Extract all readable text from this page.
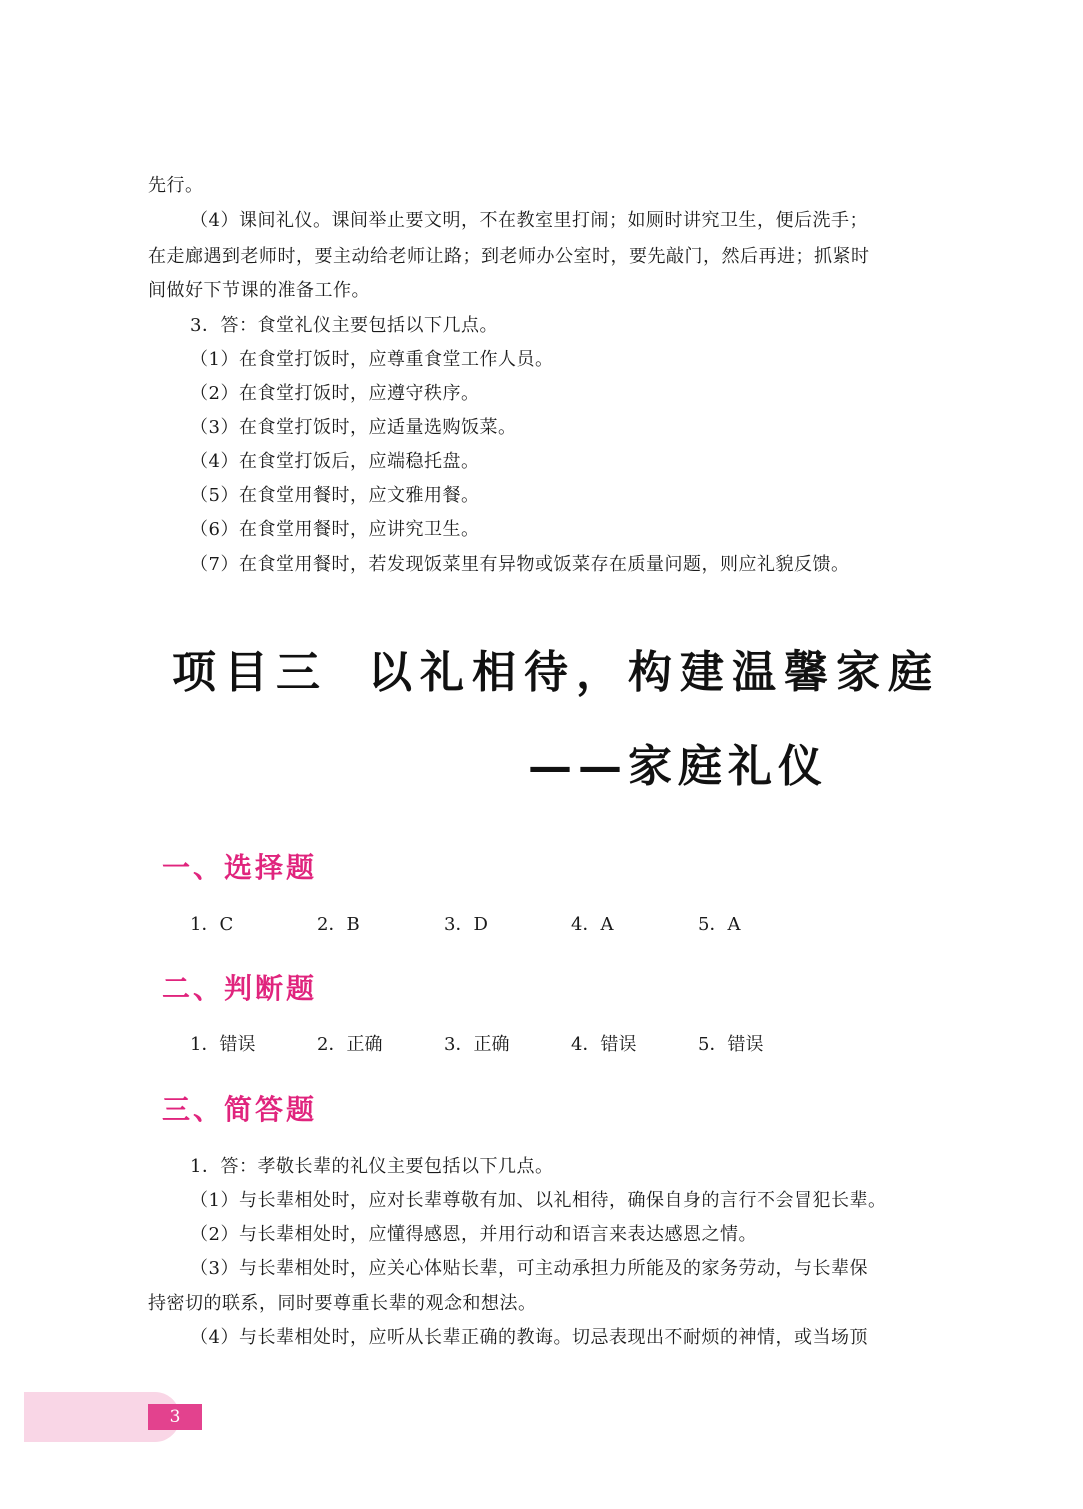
先行。
（4）课间礼仪。课间举止要文明，不在教室里打闹；如厕时讲究卫生，便后洗手；
在走廊遇到老师时，要主动给老师让路；到老师办公室时，要先敲门，然后再进；抓紧时
间做好下节课的准备工作。
3．答：食堂礼仪主要包括以下几点。
（1）在食堂打饭时，应尊重食堂工作人员。
（2）在食堂打饭时，应遵守秩序。
（3）在食堂打饭时，应适量选购饭菜。
（4）在食堂打饭后，应端稳托盘。
（5）在食堂用餐时，应文雅用餐。
（6）在食堂用餐时，应讲究卫生。
（7）在食堂用餐时，若发现饭菜里有异物或饭菜存在质量问题，则应礼貌反馈。
项目三 以礼相待，构建温馨家庭
——家庭礼仪
一、选择题
1．C	2．B	3．D	4．A	5．A
二、判断题
1．错误	2．正确	3．正确	4．错误	5．错误
三、简答题
1．答：孝敬长辈的礼仪主要包括以下几点。
（1）与长辈相处时，应对长辈尊敬有加、以礼相待，确保自身的言行不会冒犯长辈。
（2）与长辈相处时，应懂得感恩，并用行动和语言来表达感恩之情。
（3）与长辈相处时，应关心体贴长辈，可主动承担力所能及的家务劳动，与长辈保
持密切的联系，同时要尊重长辈的观念和想法。
（4）与长辈相处时，应听从长辈正确的教诲。切忌表现出不耐烦的神情，或当场顶
3
